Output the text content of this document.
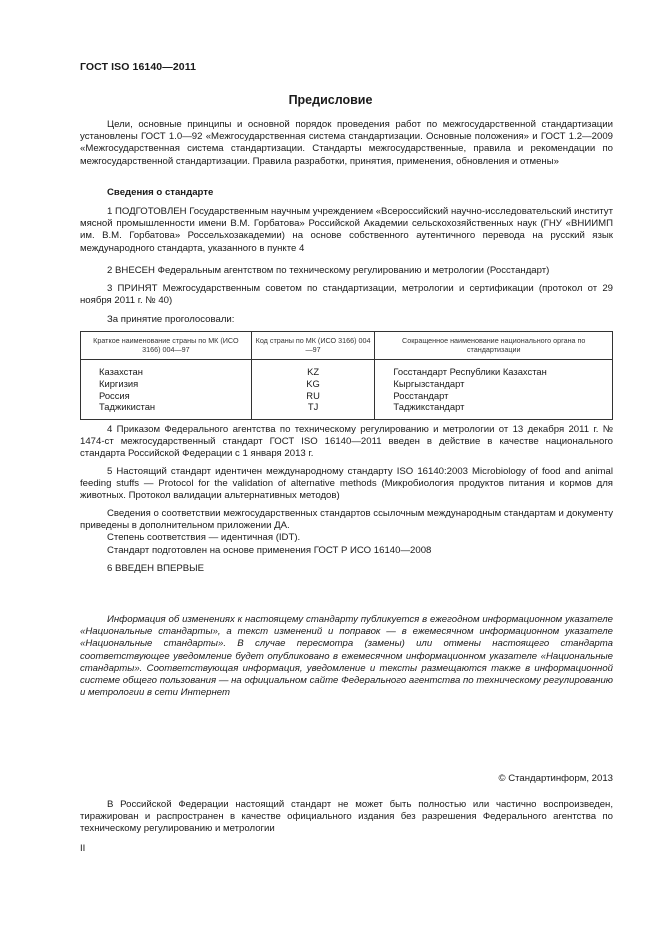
ГОСТ ISO 16140—2011
Предисловие
Цели, основные принципы и основной порядок проведения работ по межгосударственной стандартизации установлены ГОСТ 1.0—92 «Межгосударственная система стандартизации. Основные положения» и ГОСТ 1.2—2009 «Межгосударственная система стандартизации. Стандарты межгосударственные, правила и рекомендации по межгосударственной стандартизации. Правила разработки, принятия, применения, обновления и отмены»
Сведения о стандарте
1 ПОДГОТОВЛЕН Государственным научным учреждением «Всероссийский научно-исследовательский институт мясной промышленности имени В.М. Горбатова» Российской Академии сельскохозяйственных наук (ГНУ «ВНИИМП им. В.М. Горбатова» Россельхозакадемии) на основе собственного аутентичного перевода на русский язык международного стандарта, указанного в пункте 4
2 ВНЕСЕН Федеральным агентством по техническому регулированию и метрологии (Росстандарт)
3 ПРИНЯТ Межгосударственным советом по стандартизации, метрологии и сертификации (протокол от 29 ноября 2011 г. № 40)
За принятие проголосовали:
Краткое наименование страны по МК (ИСО 3166) 004—97	Код страны по МК (ИСО 3166) 004—97	Сокращенное наименование национального органа по стандартизации
Казахстан	KZ	Госстандарт Республики Казахстан
Киргизия	KG	Кыргызстандарт
Россия	RU	Росстандарт
Таджикистан	TJ	Таджикстандарт
4 Приказом Федерального агентства по техническому регулированию и метрологии от 13 декабря 2011 г. № 1474-ст межгосударственный стандарт ГОСТ ISO 16140—2011 введен в действие в качестве национального стандарта Российской Федерации с 1 января 2013 г.
5 Настоящий стандарт идентичен международному стандарту ISO 16140:2003 Microbiology of food and animal feeding stuffs — Protocol for the validation of alternative methods (Микробиология продуктов питания и кормов для животных. Протокол валидации альтернативных методов)
Сведения о соответствии межгосударственных стандартов ссылочным международным стандартам и документу приведены в дополнительном приложении ДА.
Степень соответствия — идентичная (IDT).
Стандарт подготовлен на основе применения ГОСТ Р ИСО 16140—2008
6 ВВЕДЕН ВПЕРВЫЕ
Информация об изменениях к настоящему стандарту публикуется в ежегодном информационном указателе «Национальные стандарты», а текст изменений и поправок — в ежемесячном информационном указателе «Национальные стандарты». В случае пересмотра (замены) или отмены настоящего стандарта соответствующее уведомление будет опубликовано в ежемесячном информационном указателе «Национальные стандарты». Соответствующая информация, уведомление и тексты размещаются также в информационной системе общего пользования — на официальном сайте Федерального агентства по техническому регулированию и метрологии в сети Интернет
© Стандартинформ, 2013
В Российской Федерации настоящий стандарт не может быть полностью или частично воспроизведен, тиражирован и распространен в качестве официального издания без разрешения Федерального агентства по техническому регулированию и метрологии
II
